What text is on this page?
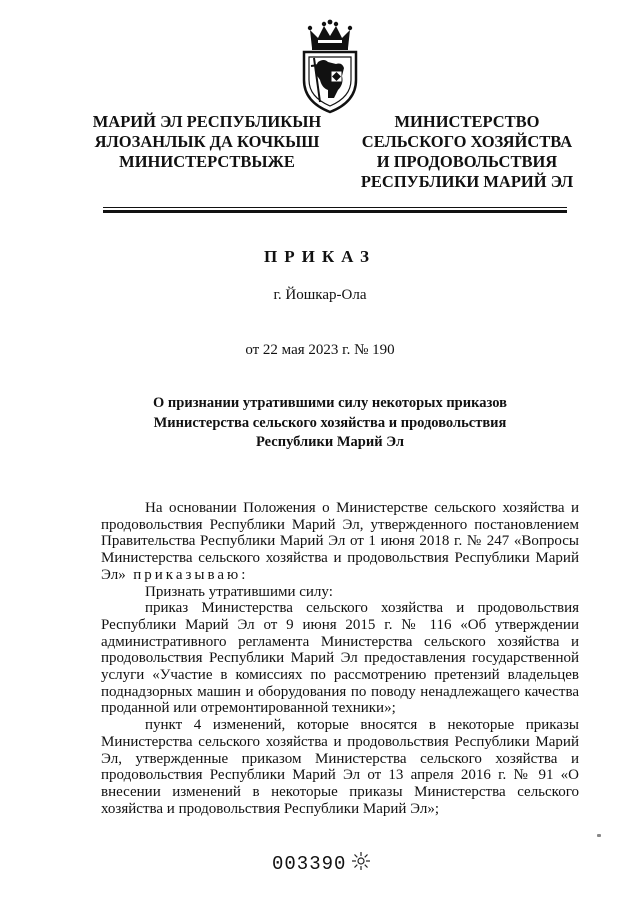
МАРИЙ ЭЛ РЕСПУБЛИКЫН
ЯЛОЗАНЛЫК ДА КОЧКЫШ
МИНИСТЕРСТВЫЖЕ
МИНИСТЕРСТВО
СЕЛЬСКОГО ХОЗЯЙСТВА
И ПРОДОВОЛЬСТВИЯ
РЕСПУБЛИКИ МАРИЙ ЭЛ
ПРИКАЗ
г. Йошкар-Ола
от 22 мая 2023 г. № 190
О признании утратившими силу некоторых приказов
Министерства сельского хозяйства и продовольствия
Республики Марий Эл

На основании Положения о Министерстве сельского хозяйства и продовольствия Республики Марий Эл, утвержденного постановлением Правительства Республики Марий Эл от 1 июня 2018 г. № 247 «Вопросы Министерства сельского хозяйства и продовольствия Республики Марий Эл» приказываю:

Признать утратившими силу:

приказ Министерства сельского хозяйства и продовольствия Республики Марий Эл от 9 июня 2015 г. № 116 «Об утверждении административного регламента Министерства сельского хозяйства и продовольствия Республики Марий Эл предоставления государственной услуги «Участие в комиссиях по рассмотрению претензий владельцев поднадзорных машин и оборудования по поводу ненадлежащего качества проданной или отремонтированной техники»;

пункт 4 изменений, которые вносятся в некоторые приказы Министерства сельского хозяйства и продовольствия Республики Марий Эл, утвержденные приказом Министерства сельского хозяйства и продовольствия Республики Марий Эл от 13 апреля 2016 г. № 91 «О внесении изменений в некоторые приказы Министерства сельского хозяйства и продовольствия Республики Марий Эл»;

003390
